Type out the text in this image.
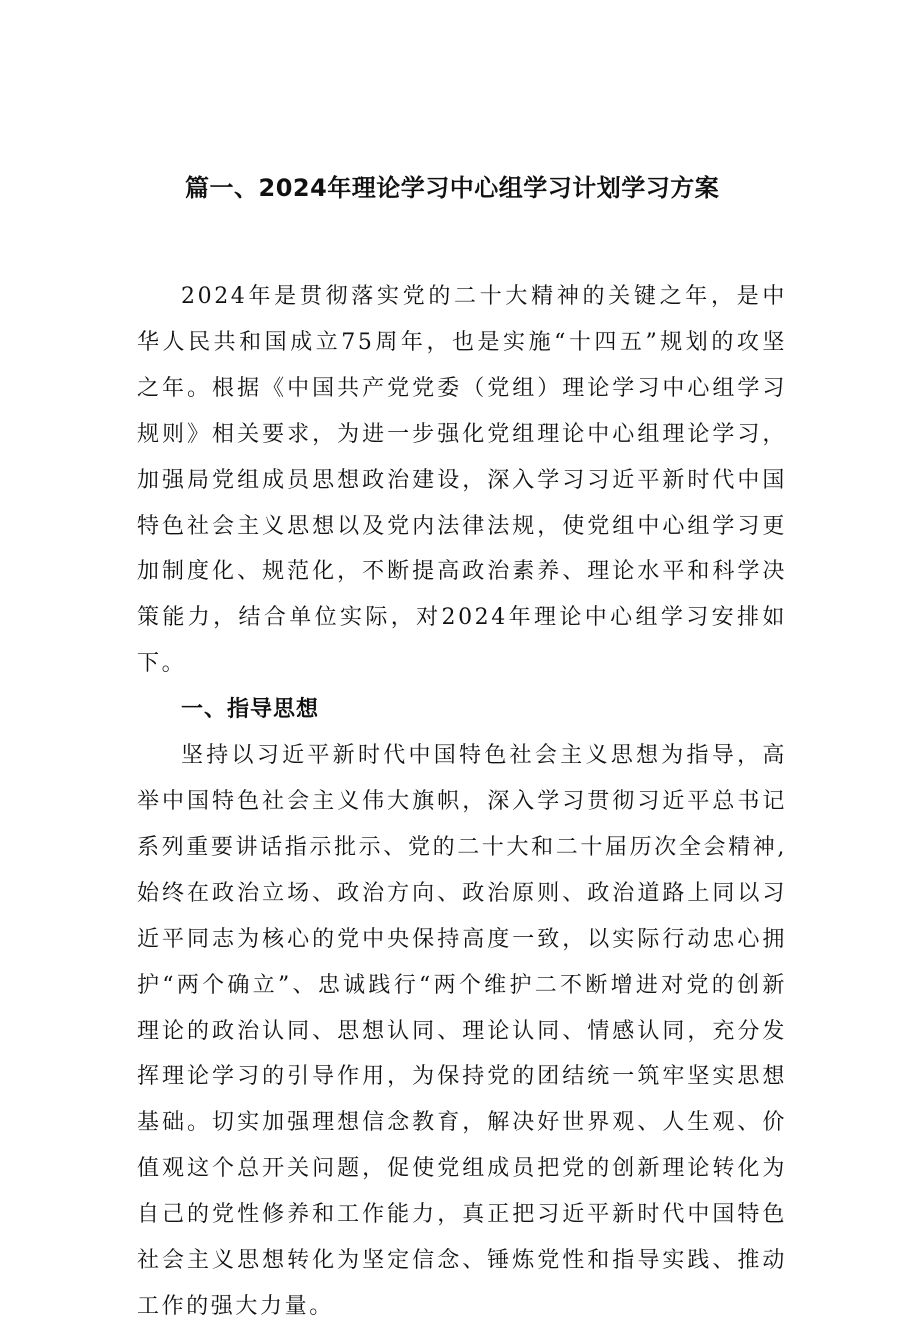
篇一、2024年理论学习中心组学习计划学习方案

2024年是贯彻落实党的二十大精神的关键之年，是中华人民共和国成立75周年，也是实施“十四五”规划的攻坚之年。根据《中国共产党党委（党组）理论学习中心组学习规则》相关要求，为进一步强化党组理论中心组理论学习，加强局党组成员思想政治建设，深入学习习近平新时代中国特色社会主义思想以及党内法律法规，使党组中心组学习更加制度化、规范化，不断提高政治素养、理论水平和科学决策能力，结合单位实际，对2024年理论中心组学习安排如下。

一、指导思想

坚持以习近平新时代中国特色社会主义思想为指导，高举中国特色社会主义伟大旗帜，深入学习贯彻习近平总书记系列重要讲话指示批示、党的二十大和二十届历次全会精神,始终在政治立场、政治方向、政治原则、政治道路上同以习近平同志为核心的党中央保持高度一致，以实际行动忠心拥护“两个确立”、忠诚践行“两个维护二不断增进对党的创新理论的政治认同、思想认同、理论认同、情感认同，充分发挥理论学习的引导作用，为保持党的团结统一筑牢坚实思想基础。切实加强理想信念教育，解决好世界观、人生观、价值观这个总开关问题，促使党组成员把党的创新理论转化为自己的党性修养和工作能力，真正把习近平新时代中国特色社会主义思想转化为坚定信念、锤炼党性和指导实践、推动工作的强大力量。
